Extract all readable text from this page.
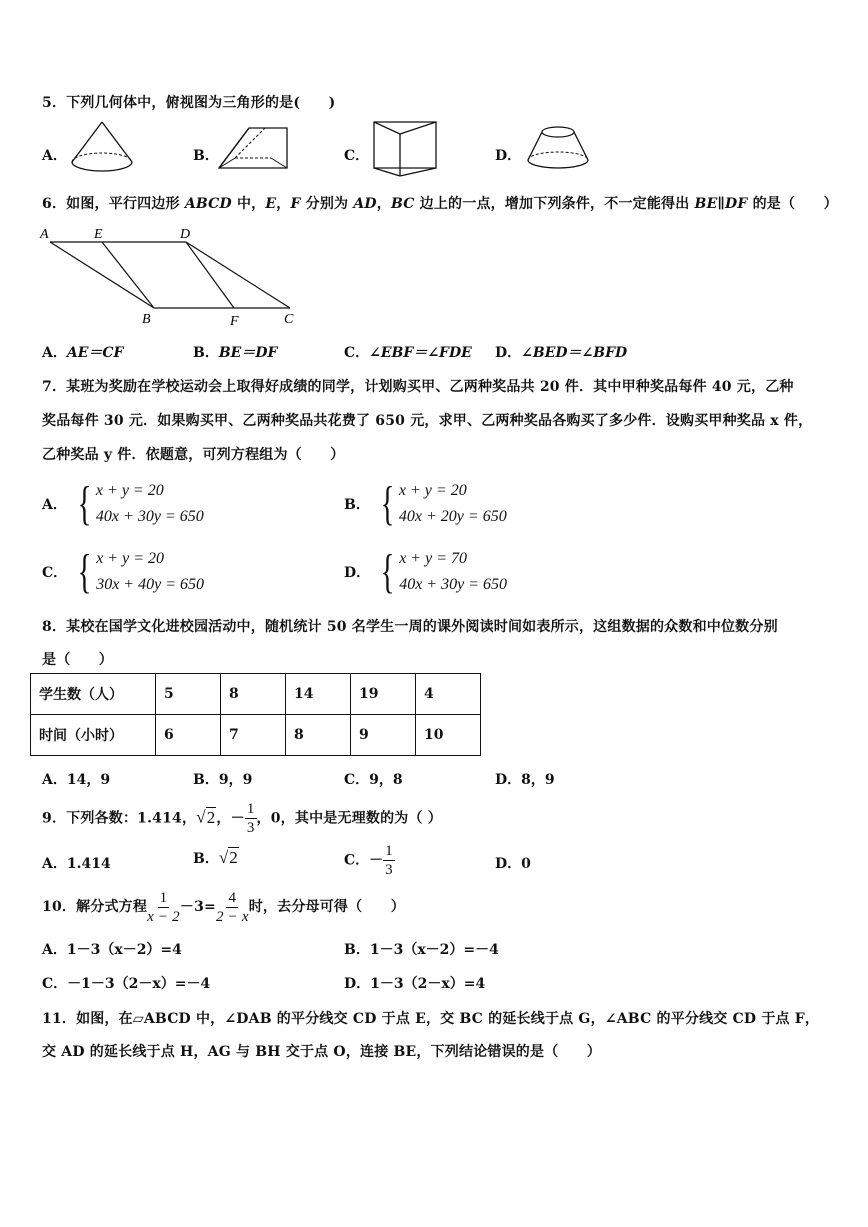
5．下列几何体中，俯视图为三角形的是(　　)
A．	B．	C．	D．
6．如图，平行四边形 ABCD 中，E，F 分别为 AD，BC 边上的一点，增加下列条件，不一定能得出 BE∥DF 的是（　　）
A	E	D
B	F	C
A．AE＝CF	B．BE＝DF	C．∠EBF＝∠FDE D．∠BED＝∠BFD
7．某班为奖励在学校运动会上取得好成绩的同学，计划购买甲、乙两种奖品共 20 件．其中甲种奖品每件 40 元，乙种
奖品每件 30 元．如果购买甲、乙两种奖品共花费了 650 元，求甲、乙两种奖品各购买了多少件．设购买甲种奖品 x 件，
乙种奖品 y 件．依题意，可列方程组为（　　）
A． { x + y = 20
40x + 30y = 650
B． { x + y = 20
40x + 20y = 650
C． { x + y = 20
30x + 40y = 650
D． { x + y = 70
40x + 30y = 650
8．某校在国学文化进校园活动中，随机统计 50 名学生一周的课外阅读时间如表所示，这组数据的众数和中位数分别
是（　　）
学生数（人）	5	8	14	19	4
时间（小时）	6	7	8	9	10
A．14，9	B．9，9	C．9，8	D．8，9
9．下列各数：1.414，√2，－ $\frac{1}{3}$ ，0，其中是无理数的为（ ）
A．1.414	B．√2	C．－ $\frac{1}{3}$	D．0
10．解分式方程 $\frac{1}{x - 2} -3= \frac{4}{2 - x}$ 时，去分母可得（　　）
A．1－3（x－2）=4	B．1－3（x－2）=－4
C．－1－3（2－x）=－4	D．1－3（2－x）=4
11．如图，在▱ABCD 中，∠DAB 的平分线交 CD 于点 E，交 BC 的延长线于点 G，∠ABC 的平分线交 CD 于点 F，
交 AD 的延长线于点 H，AG 与 BH 交于点 O，连接 BE，下列结论错误的是（　　）
